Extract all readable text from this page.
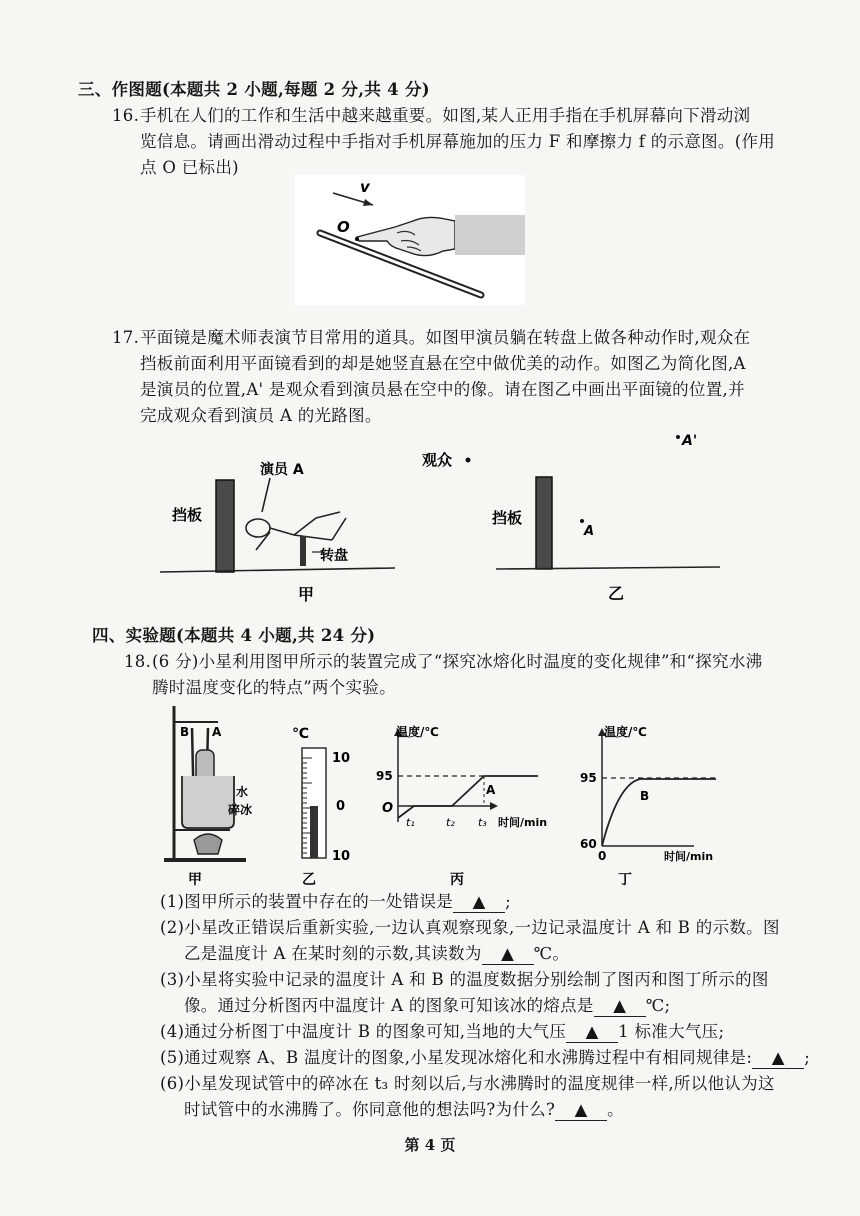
三、作图题(本题共 2 小题,每题 2 分,共 4 分)
16.手机在人们的工作和生活中越来越重要。如图,某人正用手指在手机屏幕向下滑动浏
览信息。请画出滑动过程中手指对手机屏幕施加的压力 F 和摩擦力 f 的示意图。(作用
点 O 已标出)
v
O
17.平面镜是魔术师表演节目常用的道具。如图甲演员躺在转盘上做各种动作时,观众在
挡板前面利用平面镜看到的却是她竖直悬在空中做优美的动作。如图乙为简化图,A
是演员的位置,A' 是观众看到演员悬在空中的像。请在图乙中画出平面镜的位置,并
完成观众看到演员 A 的光路图。
演员 A
挡板
转盘
甲
观众
A'
挡板
A
乙
四、实验题(本题共 4 小题,共 24 分)
18.(6 分)小星利用图甲所示的装置完成了“探究冰熔化时温度的变化规律”和“探究水沸
腾时温度变化的特点”两个实验。
B A
水
碎冰
甲
℃
10
0
10
乙
温度/℃
95
O
A
t₁	t₂ t₃ 时间/min
丙
温度/℃
95
60
0
B
时间/min
丁
(1)图甲所示的装置中存在的一处错误是 ▲ ;
(2)小星改正错误后重新实验,一边认真观察现象,一边记录温度计 A 和 B 的示数。图
乙是温度计 A 在某时刻的示数,其读数为 ▲ ℃。
(3)小星将实验中记录的温度计 A 和 B 的温度数据分别绘制了图丙和图丁所示的图
像。通过分析图丙中温度计 A 的图象可知该冰的熔点是 ▲ ℃;
(4)通过分析图丁中温度计 B 的图象可知,当地的大气压 ▲ 1 标准大气压;
(5)通过观察 A、B 温度计的图象,小星发现冰熔化和水沸腾过程中有相同规律是: ▲ ;
(6)小星发现试管中的碎冰在 t₃ 时刻以后,与水沸腾时的温度规律一样,所以他认为这
时试管中的水沸腾了。你同意他的想法吗?为什么? ▲ 。
第 4 页
